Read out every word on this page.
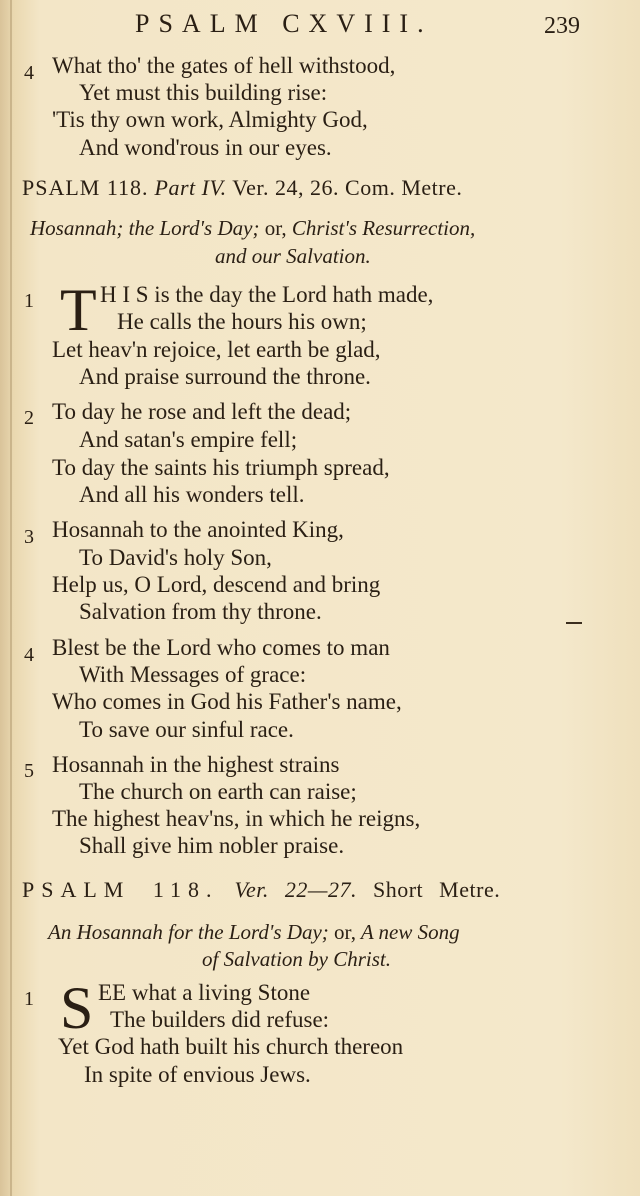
PSALM CXVIII.	239
4 What tho' the gates of hell withstood,
Yet must this building rise:
'Tis thy own work, Almighty God,
And wond'rous in our eyes.
PSALM 118. Part IV. Ver. 24, 26. Com. Metre.
Hosannah; the Lord's Day; or, Christ's Resurrection,
and our Salvation.
1 T H I S is the day the Lord hath made,
He calls the hours his own;
Let heav'n rejoice, let earth be glad,
And praise surround the throne.
2 To day he rose and left the dead;
And satan's empire fell;
To day the saints his triumph spread,
And all his wonders tell.
3 Hosannah to the anointed King,
To David's holy Son,
Help us, O Lord, descend and bring
Salvation from thy throne.
4 Blest be the Lord who comes to man
With Messages of grace:
Who comes in God his Father's name,
To save our sinful race.
5 Hosannah in the highest strains
The church on earth can raise;
The highest heav'ns, in which he reigns,
Shall give him nobler praise.
PSALM 118. Ver. 22—27. Short Metre.
An Hosannah for the Lord's Day; or, A new Song
of Salvation by Christ.
1 S EE what a living Stone
The builders did refuse:
Yet God hath built his church thereon
In spite of envious Jews.
